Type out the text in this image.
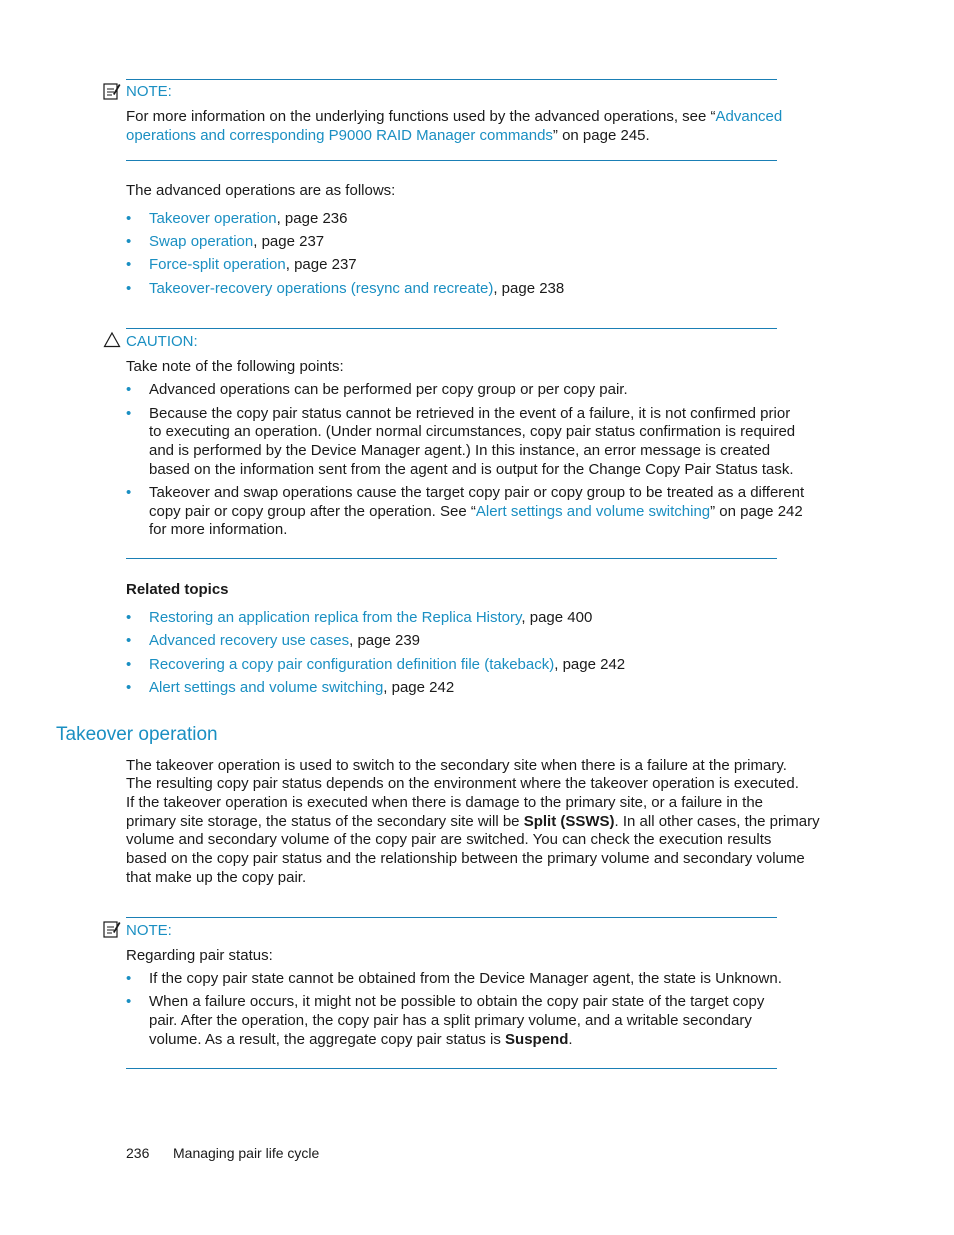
NOTE:
For more information on the underlying functions used by the advanced operations, see “Advanced
operations and corresponding P9000 RAID Manager commands” on page 245.
The advanced operations are as follows:
• Takeover operation, page 236
• Swap operation, page 237
• Force-split operation, page 237
• Takeover-recovery operations (resync and recreate), page 238
CAUTION:
Take note of the following points:
• Advanced operations can be performed per copy group or per copy pair.
• Because the copy pair status cannot be retrieved in the event of a failure, it is not confirmed prior
to executing an operation. (Under normal circumstances, copy pair status confirmation is required
and is performed by the Device Manager agent.) In this instance, an error message is created
based on the information sent from the agent and is output for the Change Copy Pair Status task.
• Takeover and swap operations cause the target copy pair or copy group to be treated as a different
copy pair or copy group after the operation. See “Alert settings and volume switching” on page 242
for more information.
Related topics
• Restoring an application replica from the Replica History, page 400
• Advanced recovery use cases, page 239
• Recovering a copy pair configuration definition file (takeback), page 242
• Alert settings and volume switching, page 242
Takeover operation
The takeover operation is used to switch to the secondary site when there is a failure at the primary.
The resulting copy pair status depends on the environment where the takeover operation is executed.
If the takeover operation is executed when there is damage to the primary site, or a failure in the
primary site storage, the status of the secondary site will be Split (SSWS). In all other cases, the primary
volume and secondary volume of the copy pair are switched. You can check the execution results
based on the copy pair status and the relationship between the primary volume and secondary volume
that make up the copy pair.
NOTE:
Regarding pair status:
• If the copy pair state cannot be obtained from the Device Manager agent, the state is Unknown.
• When a failure occurs, it might not be possible to obtain the copy pair state of the target copy
pair. After the operation, the copy pair has a split primary volume, and a writable secondary
volume. As a result, the aggregate copy pair status is Suspend.
236 Managing pair life cycle
